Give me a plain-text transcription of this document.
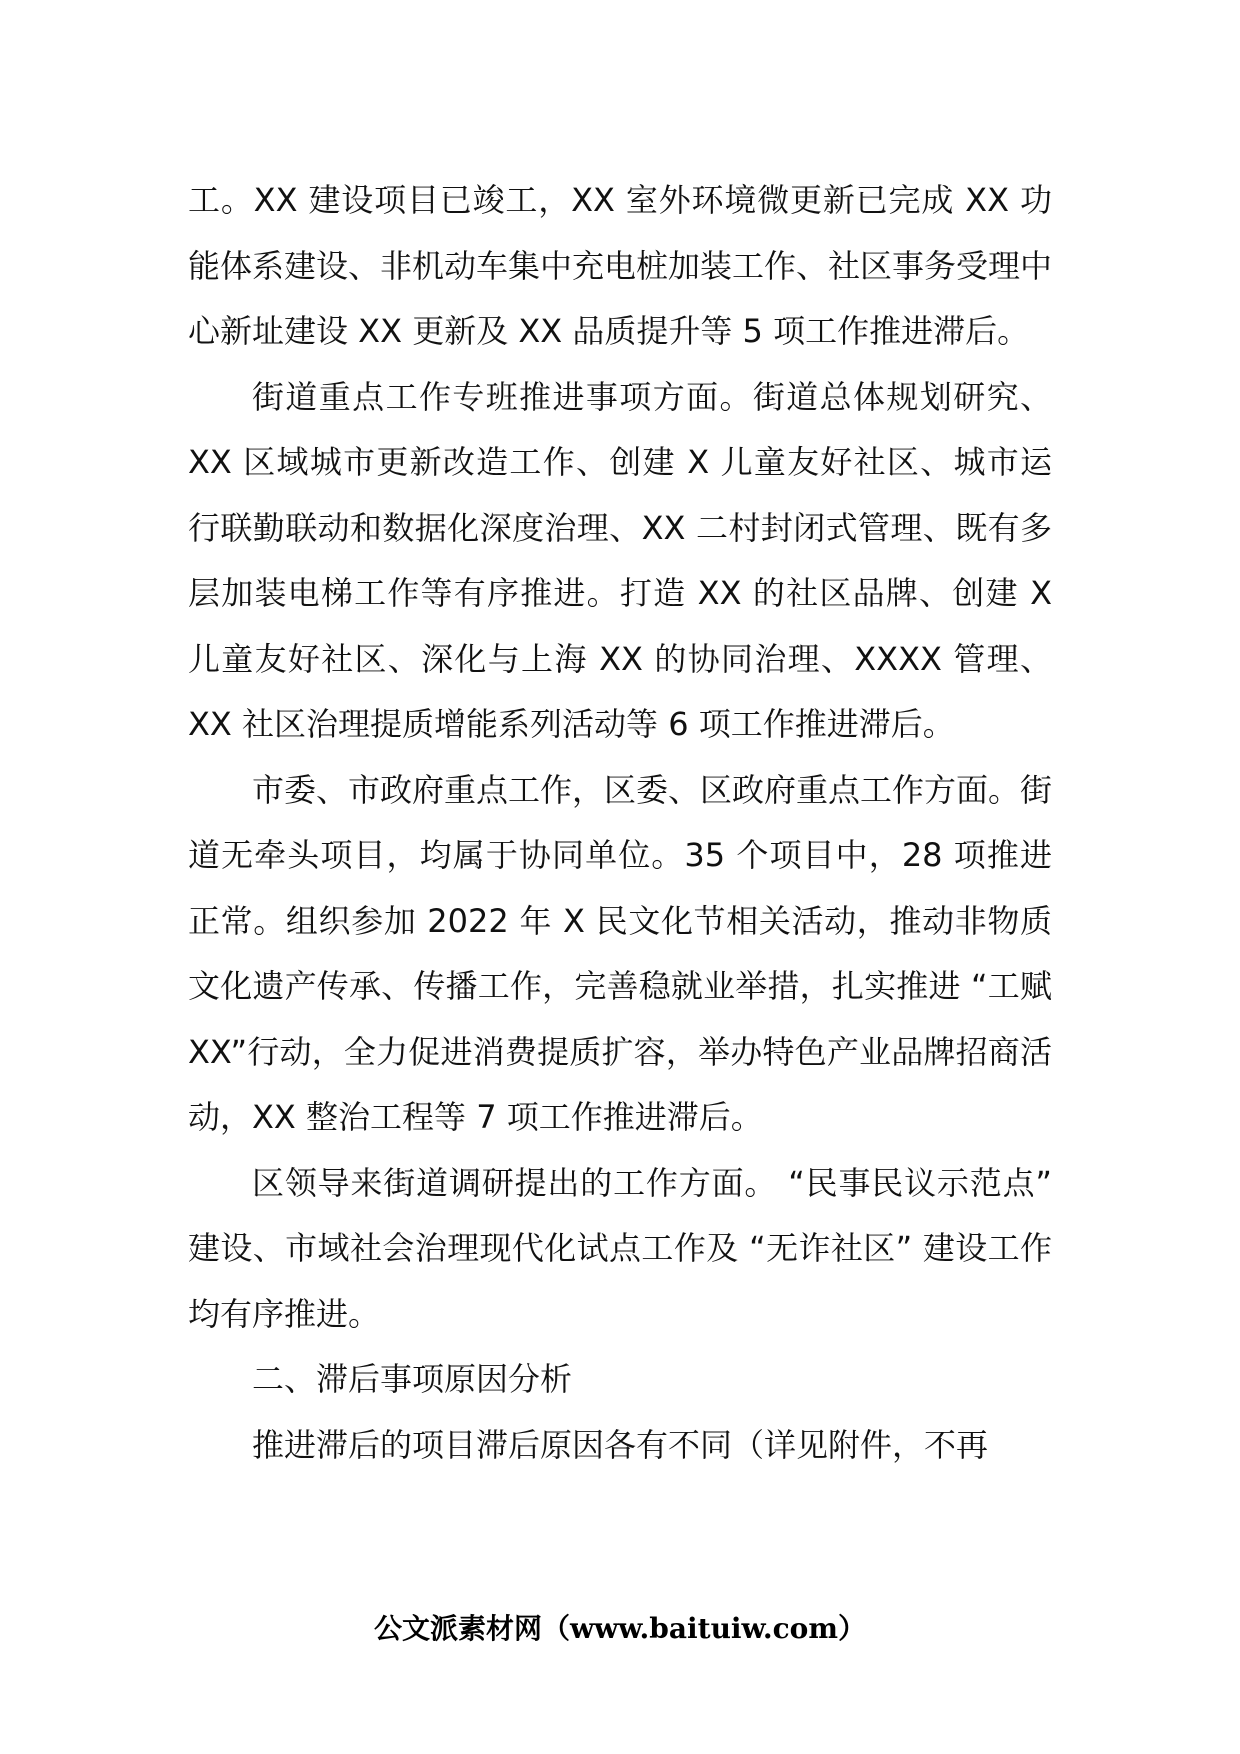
工。XX 建设项目已竣工，XX 室外环境微更新已完成 XX 功能体系建设、非机动车集中充电桩加装工作、社区事务受理中心新址建设 XX 更新及 XX 品质提升等 5 项工作推进滞后。

街道重点工作专班推进事项方面。街道总体规划研究、XX 区域城市更新改造工作、创建 X 儿童友好社区、城市运行联勤联动和数据化深度治理、XX 二村封闭式管理、既有多层加装电梯工作等有序推进。打造 XX 的社区品牌、创建 X 儿童友好社区、深化与上海 XX 的协同治理、XXXX 管理、XX 社区治理提质增能系列活动等 6 项工作推进滞后。

市委、市政府重点工作，区委、区政府重点工作方面。街道无牵头项目，均属于协同单位。35 个项目中，28 项推进正常。组织参加 2022 年 X 民文化节相关活动，推动非物质文化遗产传承、传播工作，完善稳就业举措，扎实推进 “工赋 XX”行动，全力促进消费提质扩容，举办特色产业品牌招商活动，XX 整治工程等 7 项工作推进滞后。

区领导来街道调研提出的工作方面。 “民事民议示范点” 建设、市域社会治理现代化试点工作及 “无诈社区” 建设工作均有序推进。

二、滞后事项原因分析

推进滞后的项目滞后原因各有不同（详见附件，不再

公文派素材网（www.baituiw.com）
